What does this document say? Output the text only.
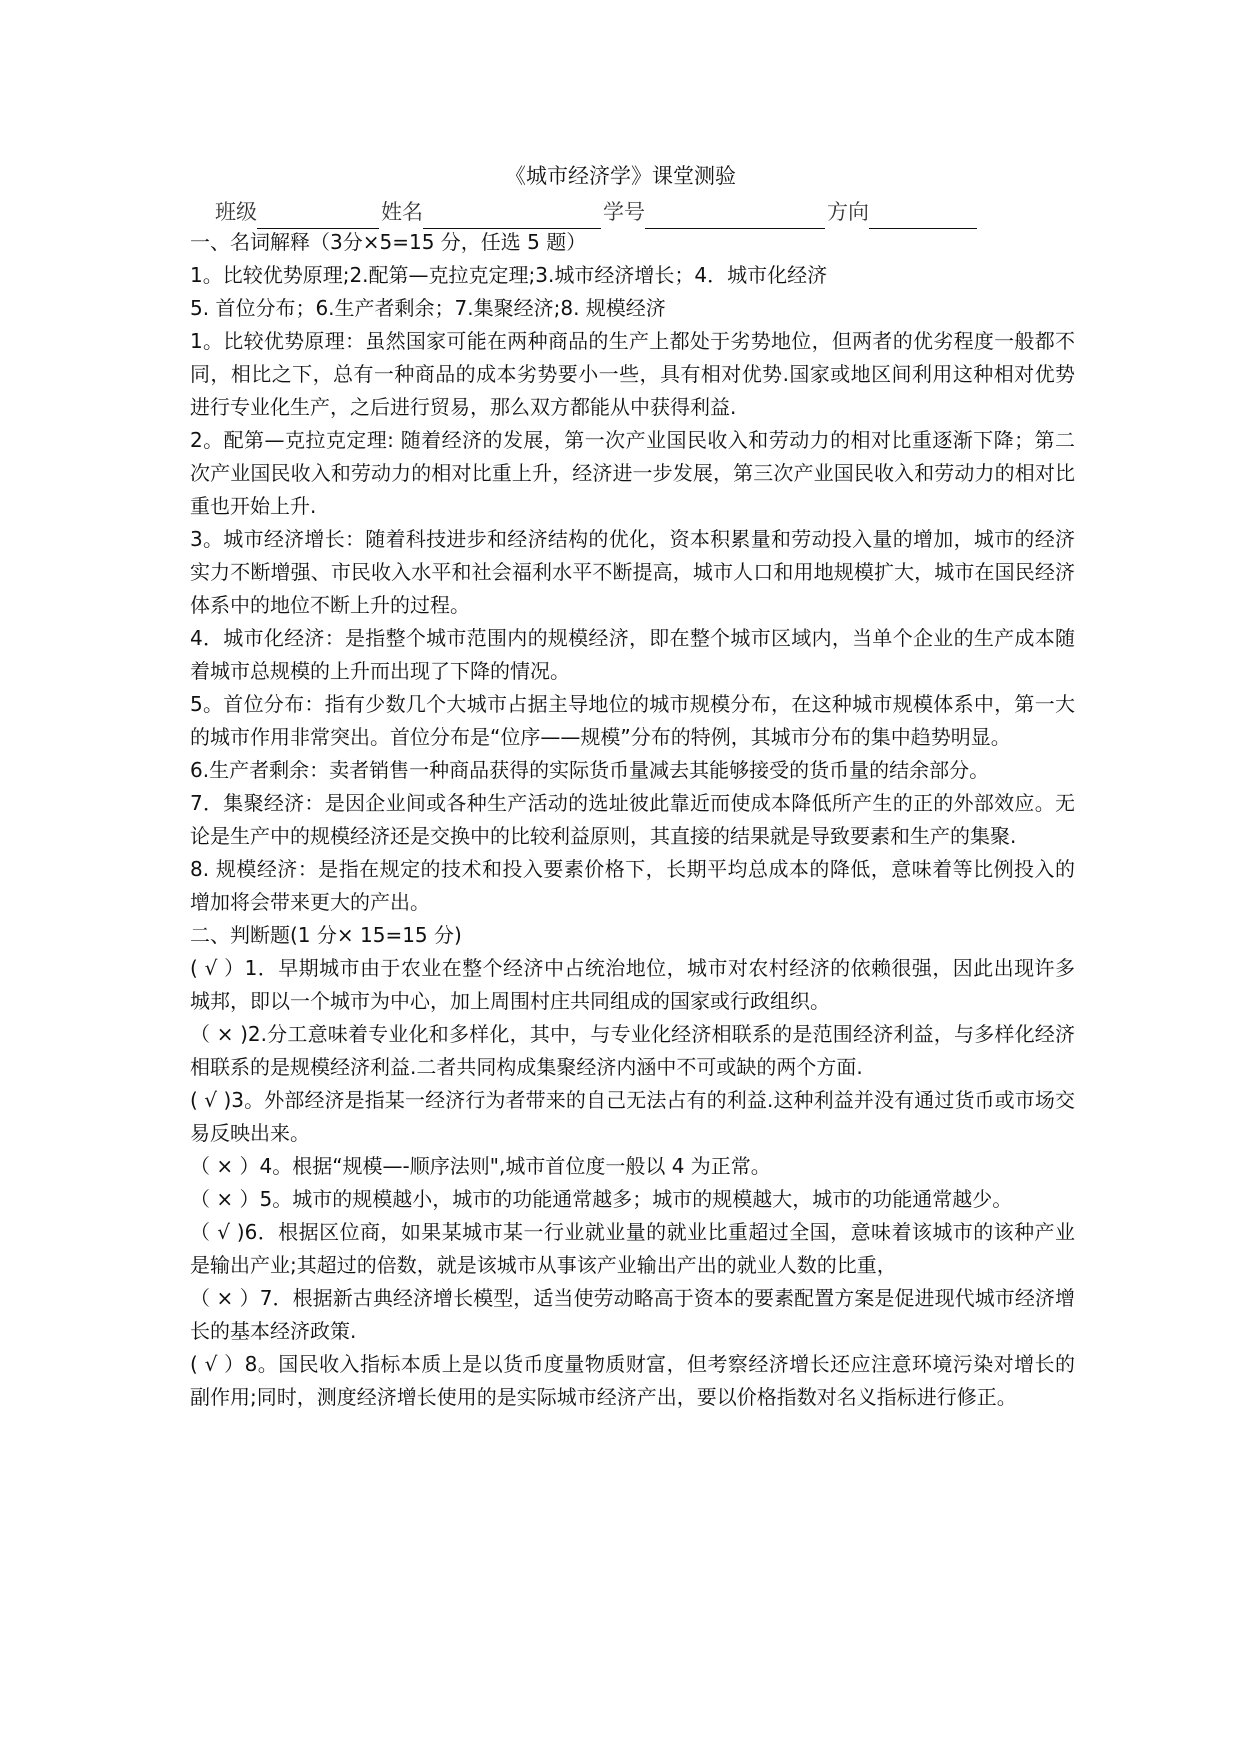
《城市经济学》课堂测验
班级	姓名	学号	方向

一、名词解释（3分×5=15 分，任选 5 题）

1。比较优势原理;2.配第—克拉克定理;3.城市经济增长；4．城市化经济

5. 首位分布；6.生产者剩余；7.集聚经济;8. 规模经济

1。比较优势原理：虽然国家可能在两种商品的生产上都处于劣势地位，但两者的优劣程度一般都不同，相比之下，总有一种商品的成本劣势要小一些，具有相对优势.国家或地区间利用这种相对优势进行专业化生产，之后进行贸易，那么双方都能从中获得利益.

2。配第—克拉克定理: 随着经济的发展，第一次产业国民收入和劳动力的相对比重逐渐下降；第二次产业国民收入和劳动力的相对比重上升，经济进一步发展，第三次产业国民收入和劳动力的相对比重也开始上升.

3。城市经济增长：随着科技进步和经济结构的优化，资本积累量和劳动投入量的增加，城市的经济实力不断增强、市民收入水平和社会福利水平不断提高，城市人口和用地规模扩大，城市在国民经济体系中的地位不断上升的过程。

4．城市化经济：是指整个城市范围内的规模经济，即在整个城市区域内，当单个企业的生产成本随着城市总规模的上升而出现了下降的情况。

5。首位分布：指有少数几个大城市占据主导地位的城市规模分布，在这种城市规模体系中，第一大的城市作用非常突出。首位分布是“位序——规模”分布的特例，其城市分布的集中趋势明显。

6.生产者剩余：卖者销售一种商品获得的实际货币量减去其能够接受的货币量的结余部分。

7．集聚经济：是因企业间或各种生产活动的选址彼此靠近而使成本降低所产生的正的外部效应。无论是生产中的规模经济还是交换中的比较利益原则，其直接的结果就是导致要素和生产的集聚.

8. 规模经济：是指在规定的技术和投入要素价格下，长期平均总成本的降低，意味着等比例投入的增加将会带来更大的产出。

二、判断题(1 分× 15=15 分)

( √ ）1．早期城市由于农业在整个经济中占统治地位，城市对农村经济的依赖很强，因此出现许多城邦，即以一个城市为中心，加上周围村庄共同组成的国家或行政组织。

（ × )2.分工意味着专业化和多样化，其中，与专业化经济相联系的是范围经济利益，与多样化经济相联系的是规模经济利益.二者共同构成集聚经济内涵中不可或缺的两个方面.

( √ )3。外部经济是指某一经济行为者带来的自己无法占有的利益.这种利益并没有通过货币或市场交易反映出来。

（ × ）4。根据“规模—-顺序法则",城市首位度一般以 4 为正常。

（ × ）5。城市的规模越小，城市的功能通常越多；城市的规模越大，城市的功能通常越少。

（ √ )6．根据区位商，如果某城市某一行业就业量的就业比重超过全国，意味着该城市的该种产业是输出产业;其超过的倍数，就是该城市从事该产业输出产出的就业人数的比重，

（ × ）7．根据新古典经济增长模型，适当使劳动略高于资本的要素配置方案是促进现代城市经济增长的基本经济政策.

( √ ）8。国民收入指标本质上是以货币度量物质财富，但考察经济增长还应注意环境污染对增长的副作用;同时，测度经济增长使用的是实际城市经济产出，要以价格指数对名义指标进行修正。
